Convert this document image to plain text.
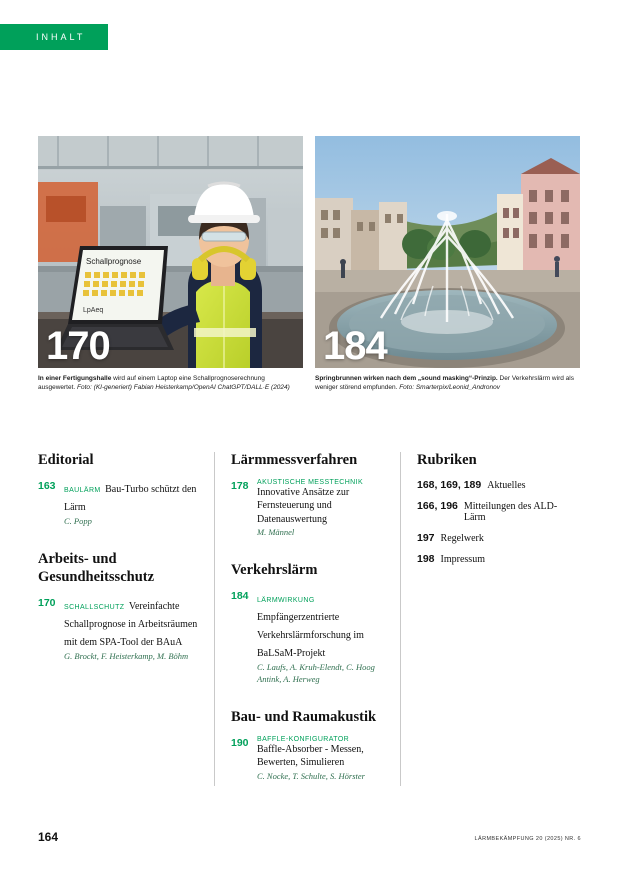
INHALT
Schallprognose
LpAeq
170
In einer Fertigungshalle wird auf einem Laptop eine Schallprognoserechnung ausgewertet. Foto: (KI-generiert) Fabian Heisterkamp/OpenAI ChatGPT/DALL·E (2024)
184
Springbrunnen wirken nach dem „sound masking“-Prinzip. Der Verkehrslärm wird als weniger störend empfunden. Foto: Smarterpix/Leonid_Andronov
Editorial
163	BAULÄRM Bau-Turbo schützt den Lärm
C. Popp
Arbeits- und Gesundheitsschutz
170	SCHALLSCHUTZ Vereinfachte Schallprognose in Arbeitsräumen mit dem SPA-Tool der BAuA
G. Brockt, F. Heisterkamp, M. Böhm
Lärmmessverfahren
178	AKUSTISCHE MESSTECHNIK
Innovative Ansätze zur Fernsteuerung und Datenauswertung
M. Männel
Verkehrslärm
184	LÄRMWIRKUNG Empfängerzentrierte Verkehrslärmforschung im BaLSaM-Projekt
C. Laufs, A. Kruh-Elendt, C. Hoog Antink, A. Herweg
Bau- und Raumakustik
190	BAFFLE-KONFIGURATOR
Baffle-Absorber - Messen, Bewerten, Simulieren
C. Nocke, T. Schulte, S. Hörster
Rubriken
168, 169, 189 Aktuelles
166, 196 Mitteilungen des ALD-Lärm
197 Regelwerk
198 Impressum
164	LÄRMBEKÄMPFUNG 20 (2025) NR. 6
